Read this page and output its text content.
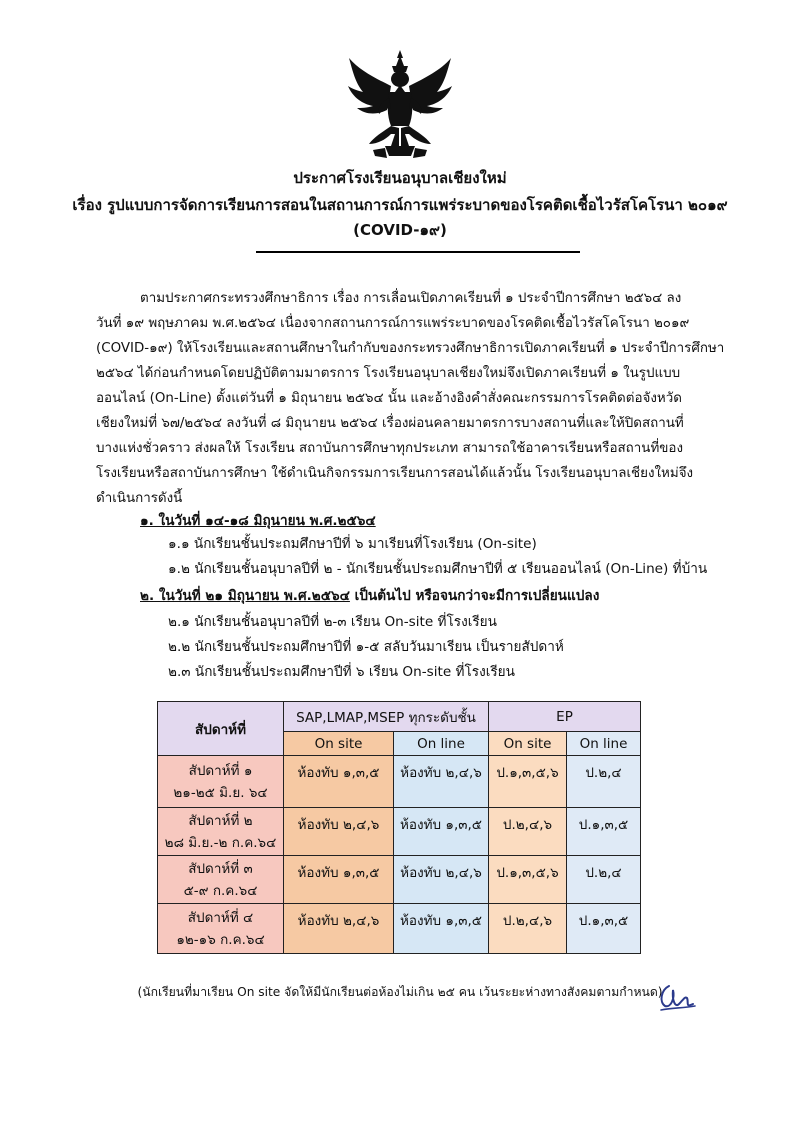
ประกาศโรงเรียนอนุบาลเชียงใหม่
เรื่อง รูปแบบการจัดการเรียนการสอนในสถานการณ์การแพร่ระบาดของโรคติดเชื้อไวรัสโคโรนา ๒๐๑๙
(COVID-๑๙)
ตามประกาศกระทรวงศึกษาธิการ เรื่อง การเลื่อนเปิดภาคเรียนที่ ๑ ประจำปีการศึกษา ๒๕๖๔ ลง
วันที่ ๑๙ พฤษภาคม พ.ศ.๒๕๖๔ เนื่องจากสถานการณ์การแพร่ระบาดของโรคติดเชื้อไวรัสโคโรนา ๒๐๑๙
(COVID-๑๙) ให้โรงเรียนและสถานศึกษาในกำกับของกระทรวงศึกษาธิการเปิดภาคเรียนที่ ๑ ประจำปีการศึกษา
๒๕๖๔ ได้ก่อนกำหนดโดยปฏิบัติตามมาตรการ โรงเรียนอนุบาลเชียงใหม่จึงเปิดภาคเรียนที่ ๑ ในรูปแบบ
ออนไลน์ (On-Line) ตั้งแต่วันที่ ๑ มิถุนายน ๒๕๖๔ นั้น และอ้างอิงคำสั่งคณะกรรมการโรคติดต่อจังหวัด
เชียงใหม่ที่ ๖๗/๒๕๖๔ ลงวันที่ ๘ มิถุนายน ๒๕๖๔ เรื่องผ่อนคลายมาตรการบางสถานที่และให้ปิดสถานที่
บางแห่งชั่วคราว ส่งผลให้ โรงเรียน สถาบันการศึกษาทุกประเภท สามารถใช้อาคารเรียนหรือสถานที่ของ
โรงเรียนหรือสถาบันการศึกษา ใช้ดำเนินกิจกรรมการเรียนการสอนได้แล้วนั้น โรงเรียนอนุบาลเชียงใหม่จึง
ดำเนินการดังนี้
๑. ในวันที่ ๑๔-๑๘ มิถุนายน พ.ศ.๒๕๖๔
๑.๑ นักเรียนชั้นประถมศึกษาปีที่ ๖ มาเรียนที่โรงเรียน (On-site)
๑.๒ นักเรียนชั้นอนุบาลปีที่ ๒ - นักเรียนชั้นประถมศึกษาปีที่ ๕ เรียนออนไลน์ (On-Line) ที่บ้าน
๒. ในวันที่ ๒๑ มิถุนายน พ.ศ.๒๕๖๔ เป็นต้นไป หรือจนกว่าจะมีการเปลี่ยนแปลง
๒.๑ นักเรียนชั้นอนุบาลปีที่ ๒-๓ เรียน On-site ที่โรงเรียน
๒.๒ นักเรียนชั้นประถมศึกษาปีที่ ๑-๕ สลับวันมาเรียน เป็นรายสัปดาห์
๒.๓ นักเรียนชั้นประถมศึกษาปีที่ ๖ เรียน On-site ที่โรงเรียน
สัปดาห์ที่	SAP,LMAP,MSEP ทุกระดับชั้น		EP	
	On site	On line	On site	On line
สัปดาห์ที่ ๑
๒๑-๒๕ มิ.ย. ๖๔	ห้องทับ ๑,๓,๕	ห้องทับ ๒,๔,๖	ป.๑,๓,๕,๖	ป.๒,๔
สัปดาห์ที่ ๒
๒๘ มิ.ย.-๒ ก.ค.๖๔	ห้องทับ ๒,๔,๖	ห้องทับ ๑,๓,๕	ป.๒,๔,๖	ป.๑,๓,๕
สัปดาห์ที่ ๓
๕-๙ ก.ค.๖๔	ห้องทับ ๑,๓,๕	ห้องทับ ๒,๔,๖	ป.๑,๓,๕,๖	ป.๒,๔
สัปดาห์ที่ ๔
๑๒-๑๖ ก.ค.๖๔	ห้องทับ ๒,๔,๖	ห้องทับ ๑,๓,๕	ป.๒,๔,๖	ป.๑,๓,๕
(นักเรียนที่มาเรียน On site จัดให้มีนักเรียนต่อห้องไม่เกิน ๒๕ คน เว้นระยะห่างทางสังคมตามกำหนด)
